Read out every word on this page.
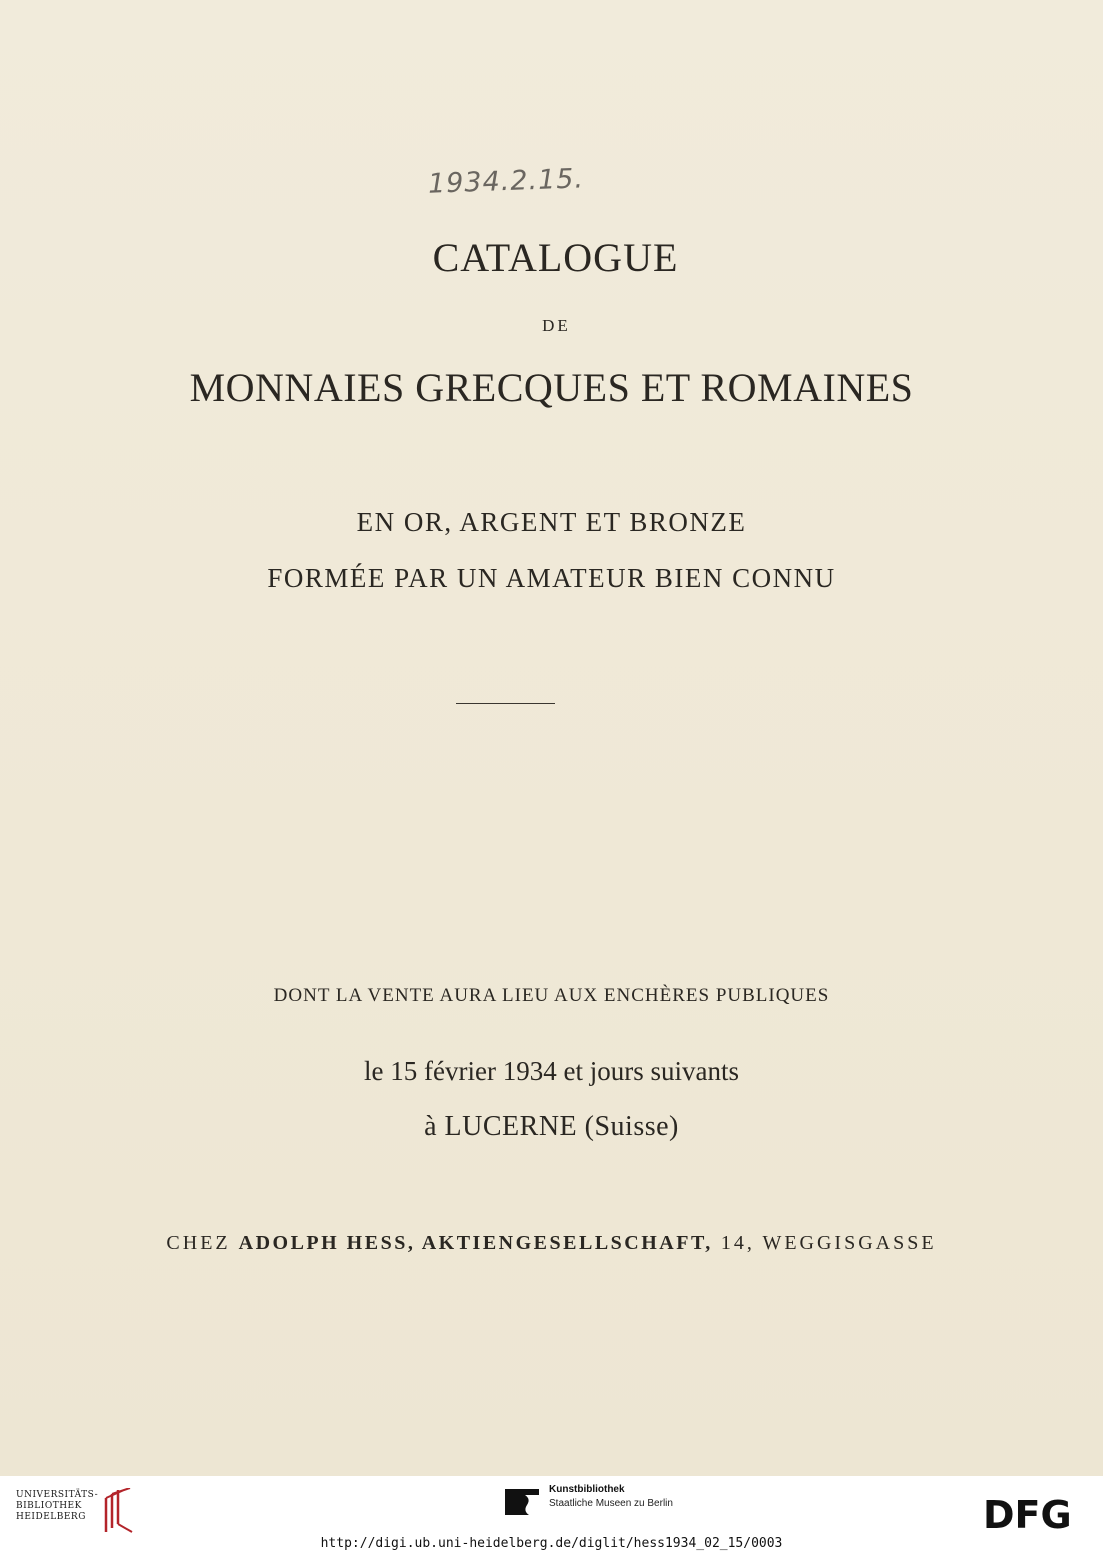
1934.2.15.
CATALOGUE
DE
MONNAIES GRECQUES ET ROMAINES
EN OR, ARGENT ET BRONZE
FORMÉE PAR UN AMATEUR BIEN CONNU
DONT LA VENTE AURA LIEU AUX ENCHÈRES PUBLIQUES
le 15 février 1934 et jours suivants
à LUCERNE (Suisse)
CHEZ ADOLPH HESS, AKTIENGESELLSCHAFT, 14, WEGGISGASSE
UNIVERSITÄTS-
BIBLIOTHEK
HEIDELBERG
Kunstbibliothek
Staatliche Museen zu Berlin	DFG
http://digi.ub.uni-heidelberg.de/diglit/hess1934_02_15/0003
